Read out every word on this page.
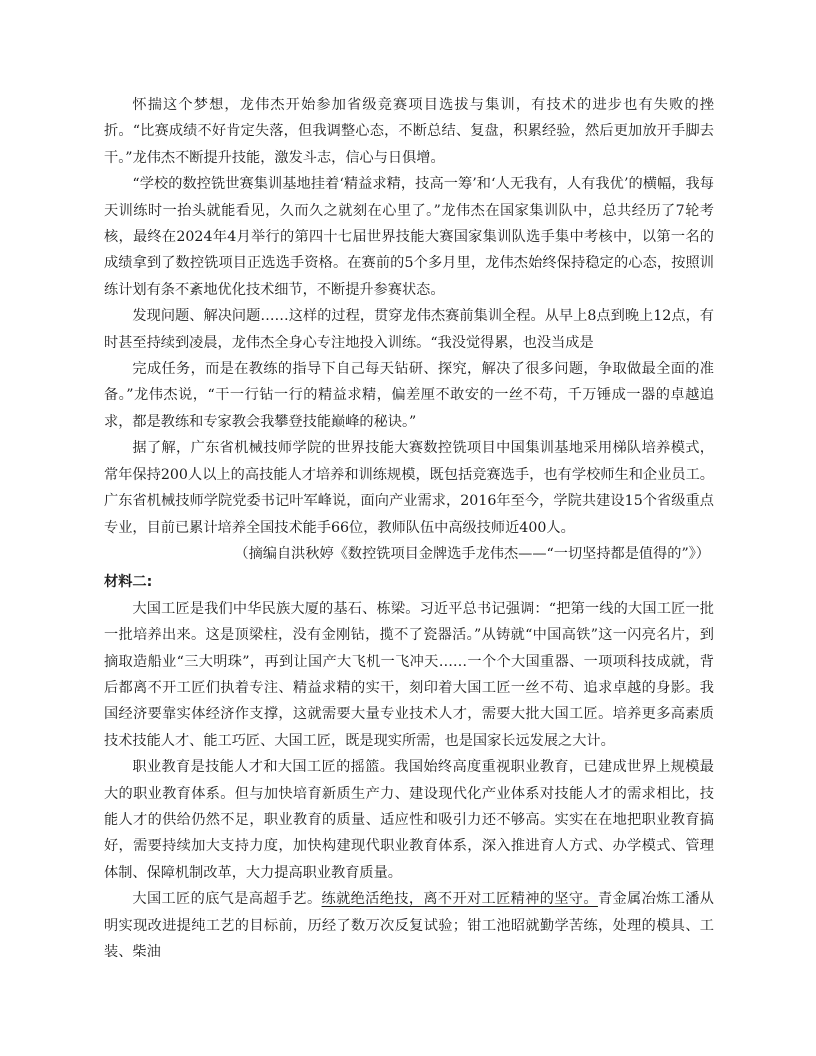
怀揣这个梦想，龙伟杰开始参加省级竞赛项目选拔与集训，有技术的进步也有失败的挫折。“比赛成绩不好肯定失落，但我调整心态，不断总结、复盘，积累经验，然后更加放开手脚去干。”龙伟杰不断提升技能，激发斗志，信心与日俱增。

“学校的数控铣世赛集训基地挂着‘精益求精，技高一筹’和‘人无我有，人有我优’的横幅，我每天训练时一抬头就能看见，久而久之就刻在心里了。”龙伟杰在国家集训队中，总共经历了7轮考核，最终在2024年4月举行的第四十七届世界技能大赛国家集训队选手集中考核中，以第一名的成绩拿到了数控铣项目正选选手资格。在赛前的5个多月里，龙伟杰始终保持稳定的心态，按照训练计划有条不紊地优化技术细节，不断提升参赛状态。

发现问题、解决问题……这样的过程，贯穿龙伟杰赛前集训全程。从早上8点到晚上12点，有时甚至持续到凌晨，龙伟杰全身心专注地投入训练。“我没觉得累，也没当成是

完成任务，而是在教练的指导下自己每天钻研、探究，解决了很多问题，争取做最全面的准备。”龙伟杰说，“干一行钻一行的精益求精，偏差厘不敢安的一丝不苟，千万锤成一器的卓越追求，都是教练和专家教会我攀登技能巅峰的秘诀。”

据了解，广东省机械技师学院的世界技能大赛数控铣项目中国集训基地采用梯队培养模式，常年保持200人以上的高技能人才培养和训练规模，既包括竞赛选手，也有学校师生和企业员工。广东省机械技师学院党委书记叶军峰说，面向产业需求，2016年至今，学院共建设15个省级重点专业，目前已累计培养全国技术能手66位，教师队伍中高级技师近400人。

（摘编自洪秋婷《数控铣项目金牌选手龙伟杰——“一切坚持都是值得的”》）

材料二:

大国工匠是我们中华民族大厦的基石、栋梁。习近平总书记强调：“把第一线的大国工匠一批一批培养出来。这是顶梁柱，没有金刚钻，揽不了瓷器活。”从铸就“中国高铁”这一闪亮名片，到摘取造船业“三大明珠”，再到让国产大飞机一飞冲天……一个个大国重器、一项项科技成就，背后都离不开工匠们执着专注、精益求精的实干，刻印着大国工匠一丝不苟、追求卓越的身影。我国经济要靠实体经济作支撑，这就需要大量专业技术人才，需要大批大国工匠。培养更多高素质技术技能人才、能工巧匠、大国工匠，既是现实所需，也是国家长远发展之大计。

职业教育是技能人才和大国工匠的摇篮。我国始终高度重视职业教育，已建成世界上规模最大的职业教育体系。但与加快培育新质生产力、建设现代化产业体系对技能人才的需求相比，技能人才的供给仍然不足，职业教育的质量、适应性和吸引力还不够高。实实在在地把职业教育搞好，需要持续加大支持力度，加快构建现代职业教育体系，深入推进育人方式、办学模式、管理体制、保障机制改革，大力提高职业教育质量。

大国工匠的底气是高超手艺。练就绝活绝技，离不开对工匠精神的坚守。青金属冶炼工潘从明实现改进提纯工艺的目标前，历经了数万次反复试验；钳工池昭就勤学苦练，处理的模具、工装、柴油
